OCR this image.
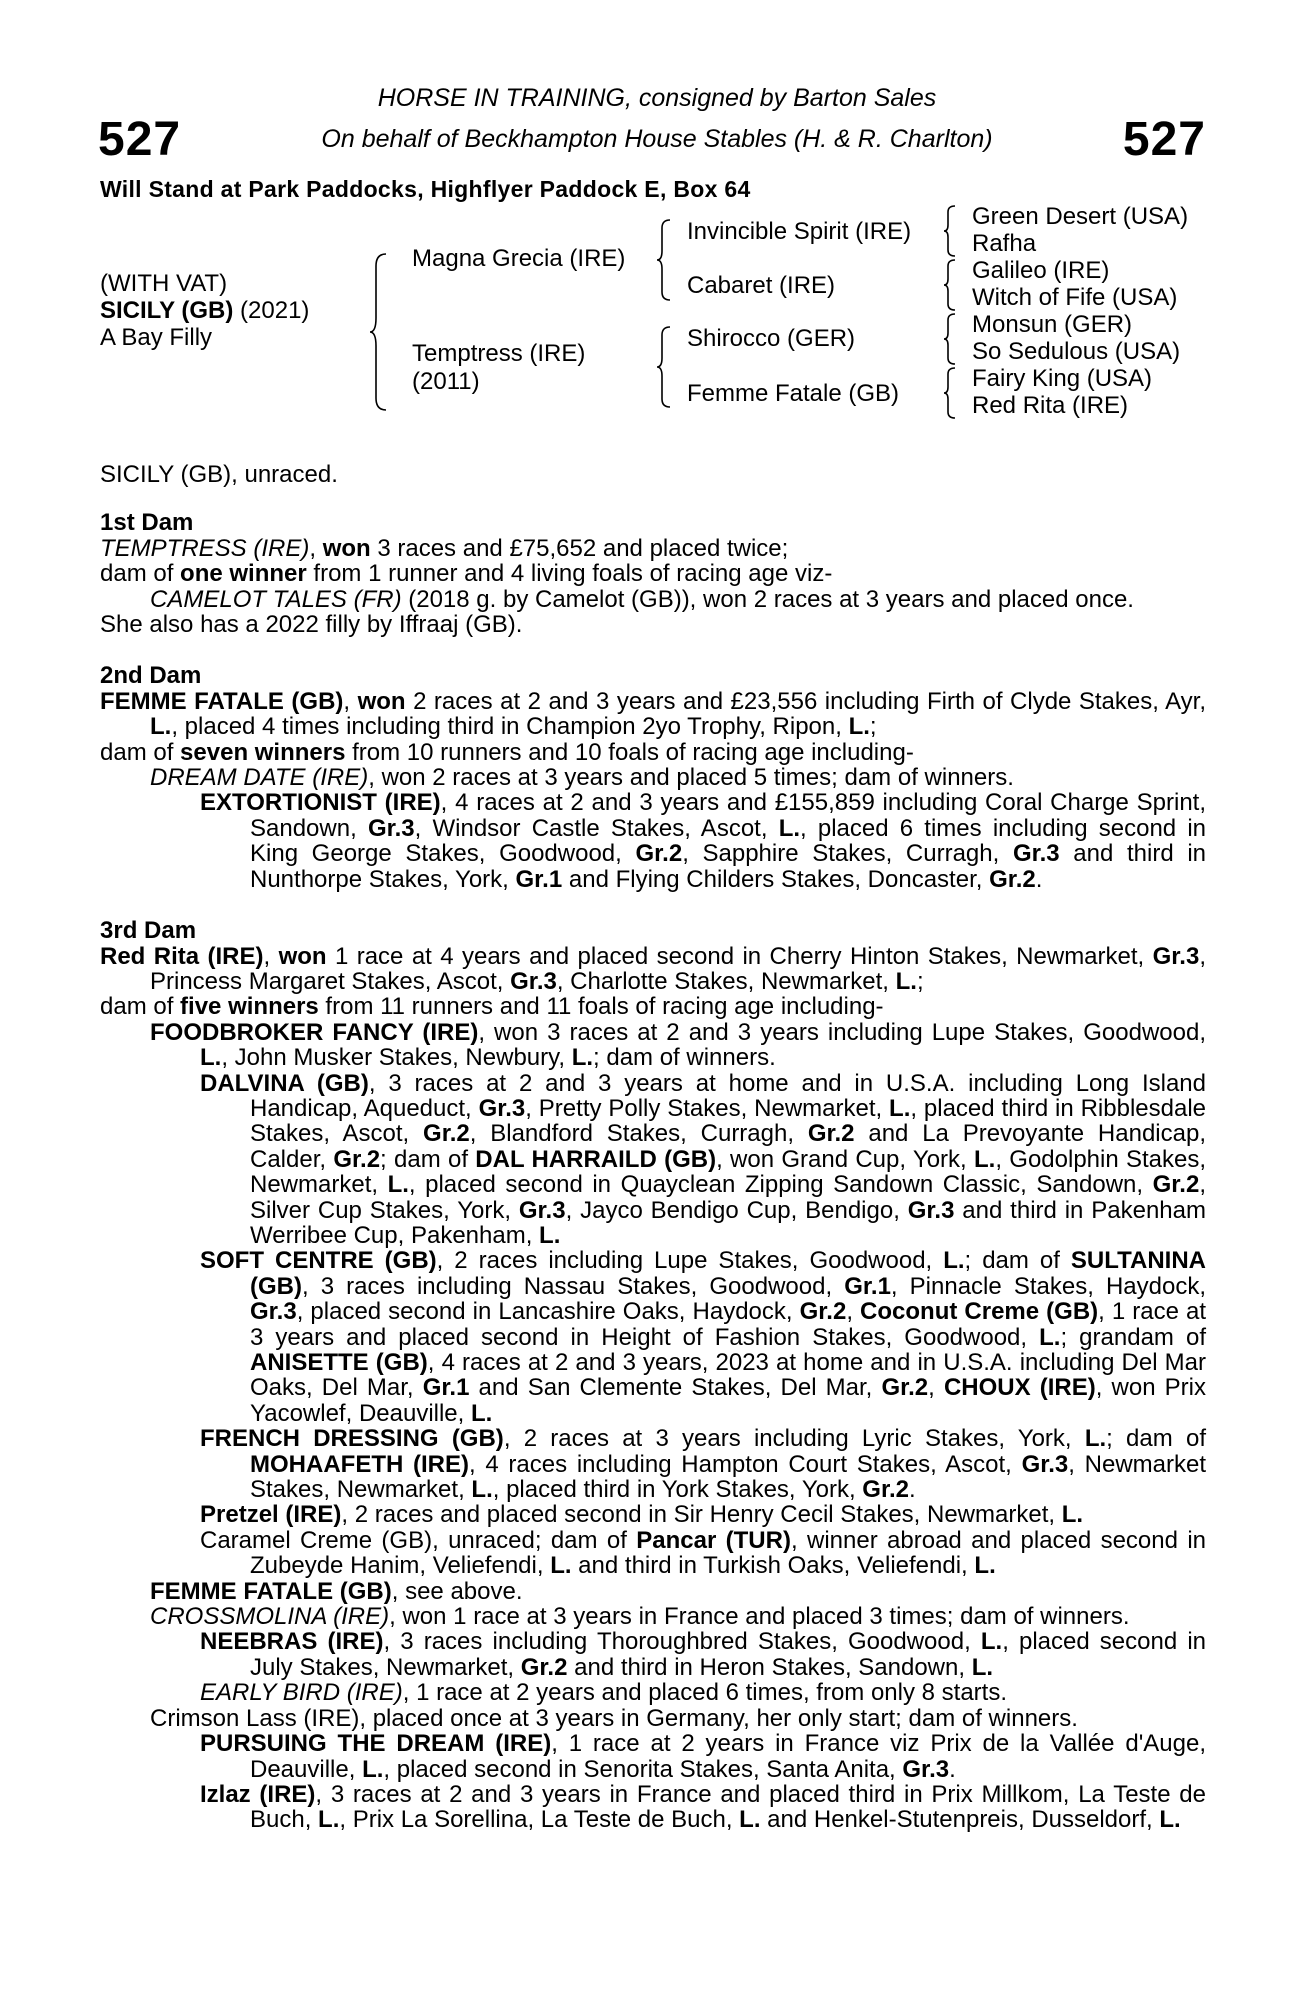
527	527
HORSE IN TRAINING, consigned by Barton Sales
On behalf of Beckhampton House Stables (H. & R. Charlton)
Will Stand at Park Paddocks, Highflyer Paddock E, Box 64
(WITH VAT)
SICILY (GB) (2021)
A Bay Filly
Magna Grecia (IRE)
Temptress (IRE)
(2011)
Invincible Spirit (IRE)
Cabaret (IRE)
Shirocco (GER)
Femme Fatale (GB)
Green Desert (USA)
Rafha
Galileo (IRE)
Witch of Fife (USA)
Monsun (GER)
So Sedulous (USA)
Fairy King (USA)
Red Rita (IRE)

SICILY (GB), unraced.

1st Dam

TEMPTRESS (IRE), won 3 races and £75,652 and placed twice;

dam of one winner from 1 runner and 4 living foals of racing age viz-

CAMELOT TALES (FR) (2018 g. by Camelot (GB)), won 2 races at 3 years and placed once.

She also has a 2022 filly by Iffraaj (GB).

2nd Dam

FEMME FATALE (GB), won 2 races at 2 and 3 years and £23,556 including Firth of Clyde Stakes, Ayr, L., placed 4 times including third in Champion 2yo Trophy, Ripon, L.;

dam of seven winners from 10 runners and 10 foals of racing age including-

DREAM DATE (IRE), won 2 races at 3 years and placed 5 times; dam of winners.

EXTORTIONIST (IRE), 4 races at 2 and 3 years and £155,859 including Coral Charge Sprint, Sandown, Gr.3, Windsor Castle Stakes, Ascot, L., placed 6 times including second in King George Stakes, Goodwood, Gr.2, Sapphire Stakes, Curragh, Gr.3 and third in Nunthorpe Stakes, York, Gr.1 and Flying Childers Stakes, Doncaster, Gr.2.

3rd Dam

Red Rita (IRE), won 1 race at 4 years and placed second in Cherry Hinton Stakes, Newmarket, Gr.3, Princess Margaret Stakes, Ascot, Gr.3, Charlotte Stakes, Newmarket, L.;

dam of five winners from 11 runners and 11 foals of racing age including-

FOODBROKER FANCY (IRE), won 3 races at 2 and 3 years including Lupe Stakes, Goodwood, L., John Musker Stakes, Newbury, L.; dam of winners.

DALVINA (GB), 3 races at 2 and 3 years at home and in U.S.A. including Long Island Handicap, Aqueduct, Gr.3, Pretty Polly Stakes, Newmarket, L., placed third in Ribblesdale Stakes, Ascot, Gr.2, Blandford Stakes, Curragh, Gr.2 and La Prevoyante Handicap, Calder, Gr.2; dam of DAL HARRAILD (GB), won Grand Cup, York, L., Godolphin Stakes, Newmarket, L., placed second in Quayclean Zipping Sandown Classic, Sandown, Gr.2, Silver Cup Stakes, York, Gr.3, Jayco Bendigo Cup, Bendigo, Gr.3 and third in Pakenham Werribee Cup, Pakenham, L.

SOFT CENTRE (GB), 2 races including Lupe Stakes, Goodwood, L.; dam of SULTANINA (GB), 3 races including Nassau Stakes, Goodwood, Gr.1, Pinnacle Stakes, Haydock, Gr.3, placed second in Lancashire Oaks, Haydock, Gr.2, Coconut Creme (GB), 1 race at 3 years and placed second in Height of Fashion Stakes, Goodwood, L.; grandam of ANISETTE (GB), 4 races at 2 and 3 years, 2023 at home and in U.S.A. including Del Mar Oaks, Del Mar, Gr.1 and San Clemente Stakes, Del Mar, Gr.2, CHOUX (IRE), won Prix Yacowlef, Deauville, L.

FRENCH DRESSING (GB), 2 races at 3 years including Lyric Stakes, York, L.; dam of MOHAAFETH (IRE), 4 races including Hampton Court Stakes, Ascot, Gr.3, Newmarket Stakes, Newmarket, L., placed third in York Stakes, York, Gr.2.

Pretzel (IRE), 2 races and placed second in Sir Henry Cecil Stakes, Newmarket, L.

Caramel Creme (GB), unraced; dam of Pancar (TUR), winner abroad and placed second in Zubeyde Hanim, Veliefendi, L. and third in Turkish Oaks, Veliefendi, L.

FEMME FATALE (GB), see above.

CROSSMOLINA (IRE), won 1 race at 3 years in France and placed 3 times; dam of winners.

NEEBRAS (IRE), 3 races including Thoroughbred Stakes, Goodwood, L., placed second in July Stakes, Newmarket, Gr.2 and third in Heron Stakes, Sandown, L.

EARLY BIRD (IRE), 1 race at 2 years and placed 6 times, from only 8 starts.

Crimson Lass (IRE), placed once at 3 years in Germany, her only start; dam of winners.

PURSUING THE DREAM (IRE), 1 race at 2 years in France viz Prix de la Vallée d'Auge, Deauville, L., placed second in Senorita Stakes, Santa Anita, Gr.3.

Izlaz (IRE), 3 races at 2 and 3 years in France and placed third in Prix Millkom, La Teste de Buch, L., Prix La Sorellina, La Teste de Buch, L. and Henkel-Stutenpreis, Dusseldorf, L.
